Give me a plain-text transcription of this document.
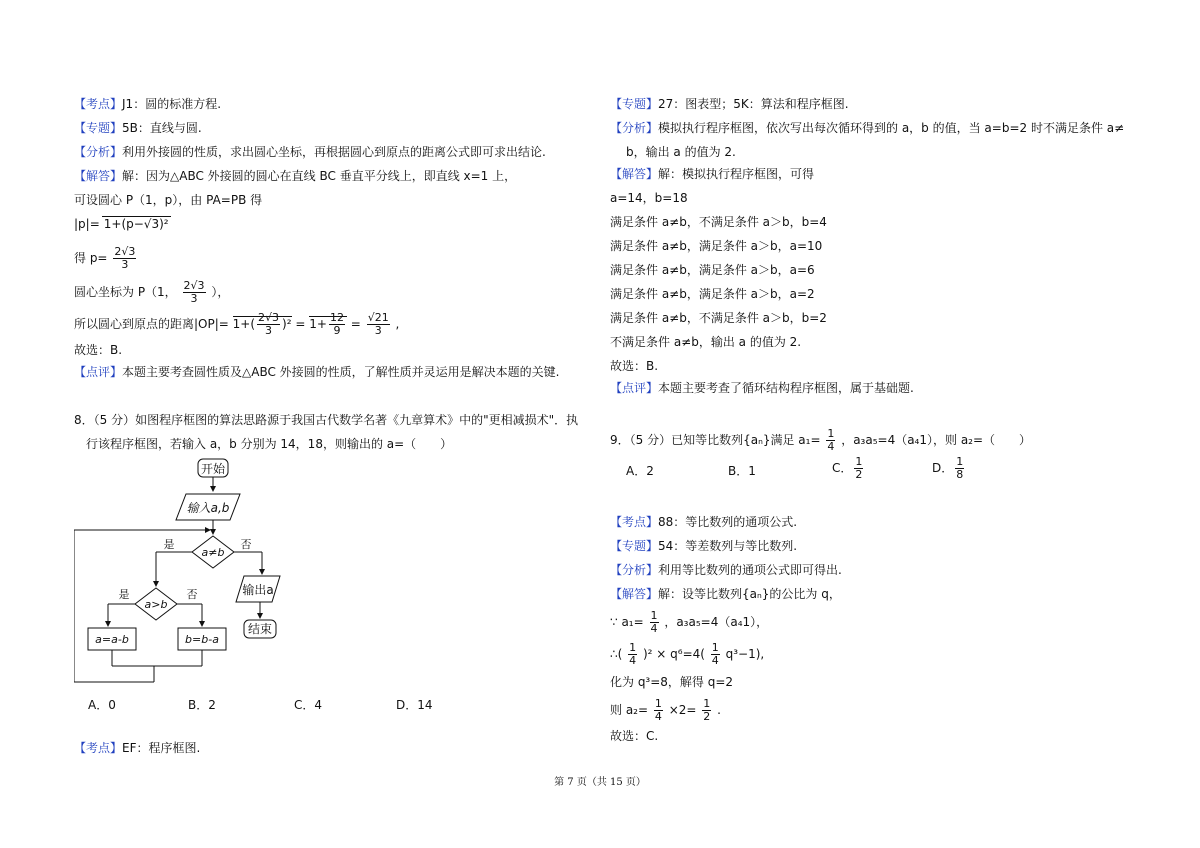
【考点】J1：圆的标准方程.
【专题】5B：直线与圆.
【分析】利用外接圆的性质，求出圆心坐标，再根据圆心到原点的距离公式即可求出结论.
【解答】解：因为△ABC 外接圆的圆心在直线 BC 垂直平分线上，即直线 x=1 上，
可设圆心 P（1，p），由 PA=PB 得
|p|= 1+(p−√3)²
得 $p= \frac{2√3}{3}$
圆心坐标为 P（1， $\frac{2√3}{3}$ ），
所以圆心到原点的距离$|OP|= 1+( \frac{2√3}{3} )^2 = 1+ \frac{12}{9} = \frac{√21}{3}$ ,
故选：B.
【点评】本题主要考查圆性质及△ABC 外接圆的性质，了解性质并灵运用是解决本题的关键.
8．（5 分）如图程序框图的算法思路源于我国古代数学名著《九章算术》中的"更相减损术"．执
行该程序框图，若输入 a，b 分别为 14，18，则输出的 a=（　　）
开始
输入a,b
a≠b
是	否
a>b
是	否
a=a-b	b=b-a
输出a
结束
A．0	B．2	C．4	D．14
【考点】EF：程序框图.
【专题】27：图表型；5K：算法和程序框图.
【分析】模拟执行程序框图，依次写出每次循环得到的 a，b 的值，当 a=b=2 时不满足条件 a≠
b，输出 a 的值为 2.
【解答】解：模拟执行程序框图，可得
a=14，b=18
满足条件 a≠b，不满足条件 a＞b，b=4
满足条件 a≠b，满足条件 a＞b，a=10
满足条件 a≠b，满足条件 a＞b，a=6
满足条件 a≠b，满足条件 a＞b，a=2
满足条件 a≠b，不满足条件 a＞b，b=2
不满足条件 a≠b，输出 a 的值为 2.
故选：B.
【点评】本题主要考查了循环结构程序框图，属于基础题.
9．（5 分）已知等比数列{aₙ}满足 $a_1= \frac{1}{4}$ ，a₃a₅=4（a₄1），则 a₂=（　　）
A．2	B．1	C． $\frac{1}{2}$	D． $\frac{1}{8}$
【考点】88：等比数列的通项公式.
【专题】54：等差数列与等比数列.
【分析】利用等比数列的通项公式即可得出.
【解答】解：设等比数列{aₙ}的公比为 q，
∵ $a_1= \frac{1}{4}$ ，a₃a₅=4（a₄1），
∴( $\frac{1}{4} )^2 \times q^6=4( \frac{1}{4} q^3-1)$,
化为 q³=8，解得 q=2
则 $a_2= \frac{1}{4} \times 2= \frac{1}{2}$ .
故选：C.
第 7 页（共 15 页）
